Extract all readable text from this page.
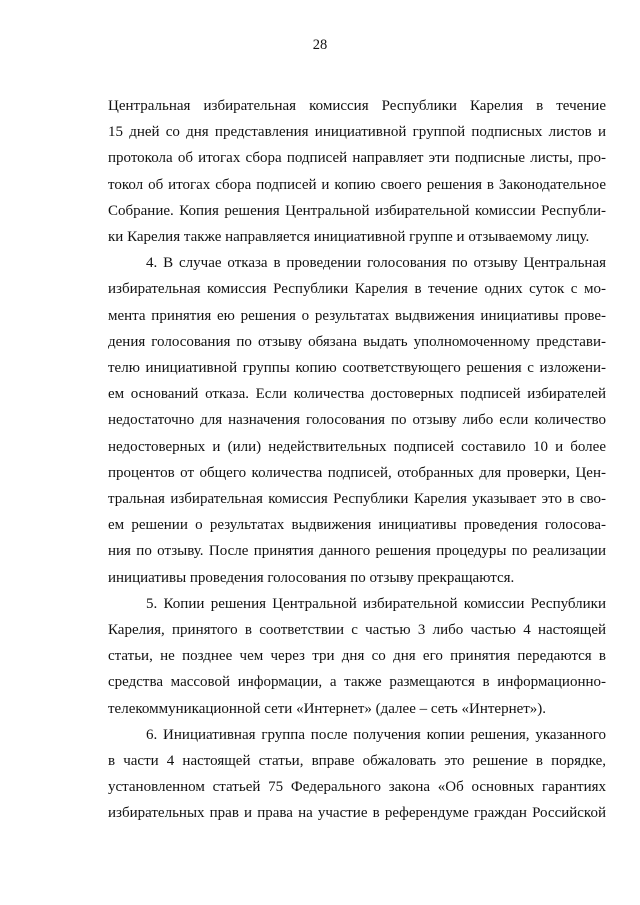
28

Центральная избирательная комиссия Республики Карелия в течение
15 дней со дня представления инициативной группой подписных листов и
протокола об итогах сбора подписей направляет эти подписные листы, про-
токол об итогах сбора подписей и копию своего решения в Законодательное
Собрание. Копия решения Центральной избирательной комиссии Республи-
ки Карелия также направляется инициативной группе и отзываемому лицу.

4. В случае отказа в проведении голосования по отзыву Центральная
избирательная комиссия Республики Карелия в течение одних суток с мо-
мента принятия ею решения о результатах выдвижения инициативы прове-
дения голосования по отзыву обязана выдать уполномоченному представи-
телю инициативной группы копию соответствующего решения с изложени-
ем оснований отказа. Если количества достоверных подписей избирателей
недостаточно для назначения голосования по отзыву либо если количество
недостоверных и (или) недействительных подписей составило 10 и более
процентов от общего количества подписей, отобранных для проверки, Цен-
тральная избирательная комиссия Республики Карелия указывает это в сво-
ем решении о результатах выдвижения инициативы проведения голосова-
ния по отзыву. После принятия данного решения процедуры по реализации
инициативы проведения голосования по отзыву прекращаются.

5. Копии решения Центральной избирательной комиссии Республики
Карелия, принятого в соответствии с частью 3 либо частью 4 настоящей
статьи, не позднее чем через три дня со дня его принятия передаются в
средства массовой информации, а также размещаются в информационно-
телекоммуникационной сети «Интернет» (далее – сеть «Интернет»).

6. Инициативная группа после получения копии решения, указанного
в части 4 настоящей статьи, вправе обжаловать это решение в порядке,
установленном статьей 75 Федерального закона «Об основных гарантиях
избирательных прав и права на участие в референдуме граждан Российской
